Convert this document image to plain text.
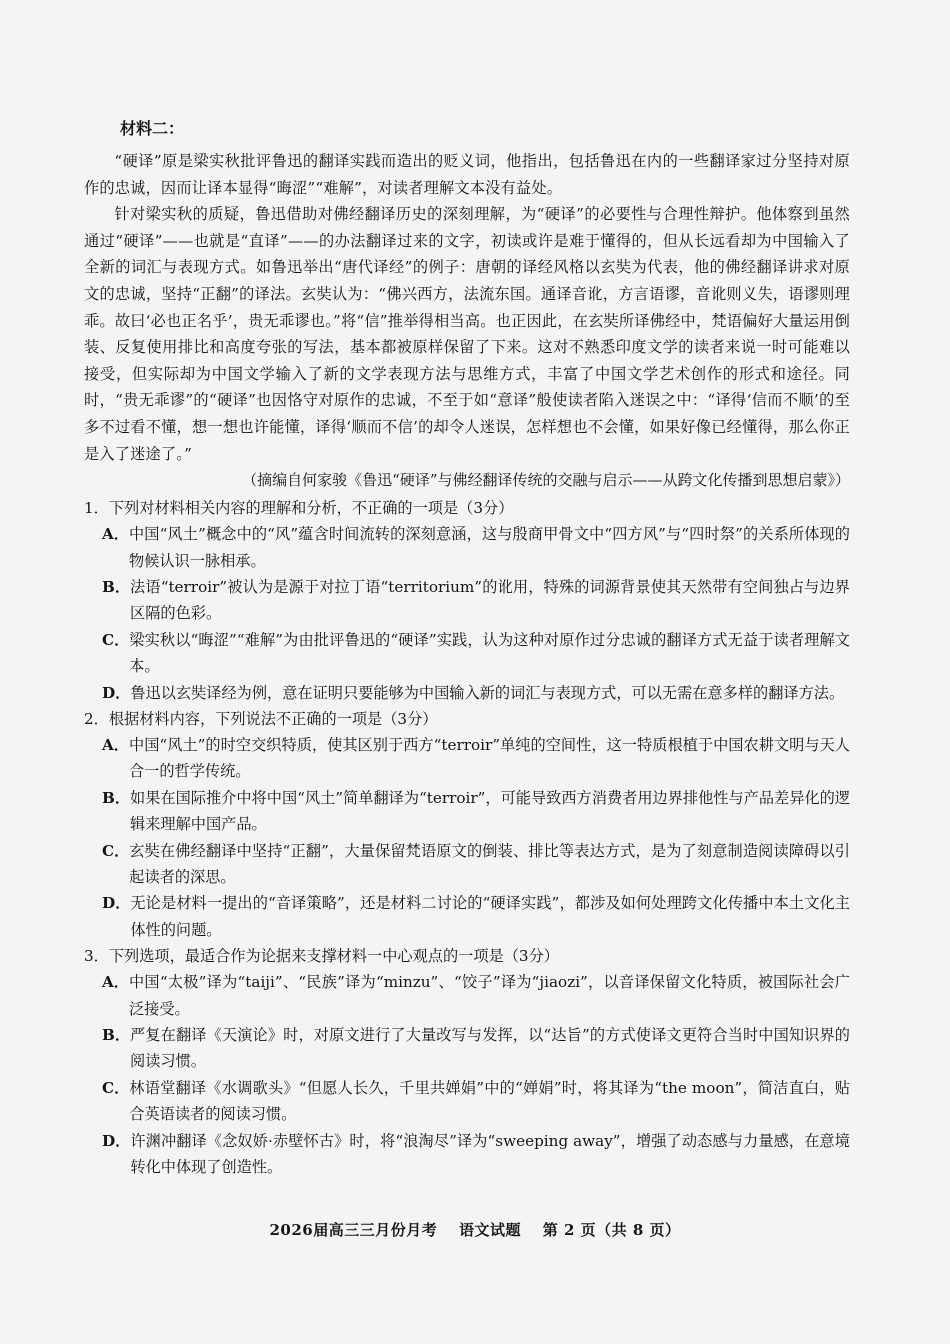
材料二：

“硬译”原是梁实秋批评鲁迅的翻译实践而造出的贬义词，他指出，包括鲁迅在内的一些翻译家过分坚持对原作的忠诚，因而让译本显得“晦涩”“难解”，对读者理解文本没有益处。

针对梁实秋的质疑，鲁迅借助对佛经翻译历史的深刻理解，为“硬译”的必要性与合理性辩护。他体察到虽然通过“硬译”——也就是“直译”——的办法翻译过来的文字，初读或许是难于懂得的，但从长远看却为中国输入了全新的词汇与表现方式。如鲁迅举出“唐代译经”的例子：唐朝的译经风格以玄奘为代表，他的佛经翻译讲求对原文的忠诚，坚持“正翻”的译法。玄奘认为：“佛兴西方，法流东国。通译音讹，方言语谬，音讹则义失，语谬则理乖。故曰‘必也正名乎’，贵无乖谬也。”将“信”推举得相当高。也正因此，在玄奘所译佛经中，梵语偏好大量运用倒装、反复使用排比和高度夸张的写法，基本都被原样保留了下来。这对不熟悉印度文学的读者来说一时可能难以接受，但实际却为中国文学输入了新的文学表现方法与思维方式，丰富了中国文学艺术创作的形式和途径。同时，“贵无乖谬”的“硬译”也因恪守对原作的忠诚，不至于如“意译”般使读者陷入迷误之中：“译得‘信而不顺’的至多不过看不懂，想一想也许能懂，译得‘顺而不信’的却令人迷误，怎样想也不会懂，如果好像已经懂得，那么你正是入了迷途了。”

（摘编自何家骏《鲁迅“硬译”与佛经翻译传统的交融与启示——从跨文化传播到思想启蒙》）

1．下列对材料相关内容的理解和分析，不正确的一项是（3分）

A． 中国“风土”概念中的“风”蕴含时间流转的深刻意涵，这与殷商甲骨文中“四方风”与“四时祭”的关系所体现的物候认识一脉相承。
B． 法语“terroir”被认为是源于对拉丁语“territorium”的讹用，特殊的词源背景使其天然带有空间独占与边界区隔的色彩。
C． 梁实秋以“晦涩”“难解”为由批评鲁迅的“硬译”实践，认为这种对原作过分忠诚的翻译方式无益于读者理解文本。
D． 鲁迅以玄奘译经为例，意在证明只要能够为中国输入新的词汇与表现方式，可以无需在意多样的翻译方法。

2．根据材料内容，下列说法不正确的一项是（3分）

A． 中国“风土”的时空交织特质，使其区别于西方“terroir”单纯的空间性，这一特质根植于中国农耕文明与天人合一的哲学传统。
B． 如果在国际推介中将中国“风土”简单翻译为“terroir”，可能导致西方消费者用边界排他性与产品差异化的逻辑来理解中国产品。
C． 玄奘在佛经翻译中坚持“正翻”，大量保留梵语原文的倒装、排比等表达方式，是为了刻意制造阅读障碍以引起读者的深思。
D． 无论是材料一提出的“音译策略”，还是材料二讨论的“硬译实践”，都涉及如何处理跨文化传播中本土文化主体性的问题。

3．下列选项，最适合作为论据来支撑材料一中心观点的一项是（3分）

A． 中国“太极”译为“taiji”、“民族”译为“minzu”、“饺子”译为“jiaozi”，以音译保留文化特质，被国际社会广泛接受。
B． 严复在翻译《天演论》时，对原文进行了大量改写与发挥，以“达旨”的方式使译文更符合当时中国知识界的阅读习惯。
C． 林语堂翻译《水调歌头》“但愿人长久，千里共婵娟”中的“婵娟”时，将其译为“the moon”，简洁直白，贴合英语读者的阅读习惯。
D． 许渊冲翻译《念奴娇·赤壁怀古》时，将“浪淘尽”译为“sweeping away”，增强了动态感与力量感，在意境转化中体现了创造性。
2026届高三三月份月考 语文试题 第 2 页（共 8 页）
